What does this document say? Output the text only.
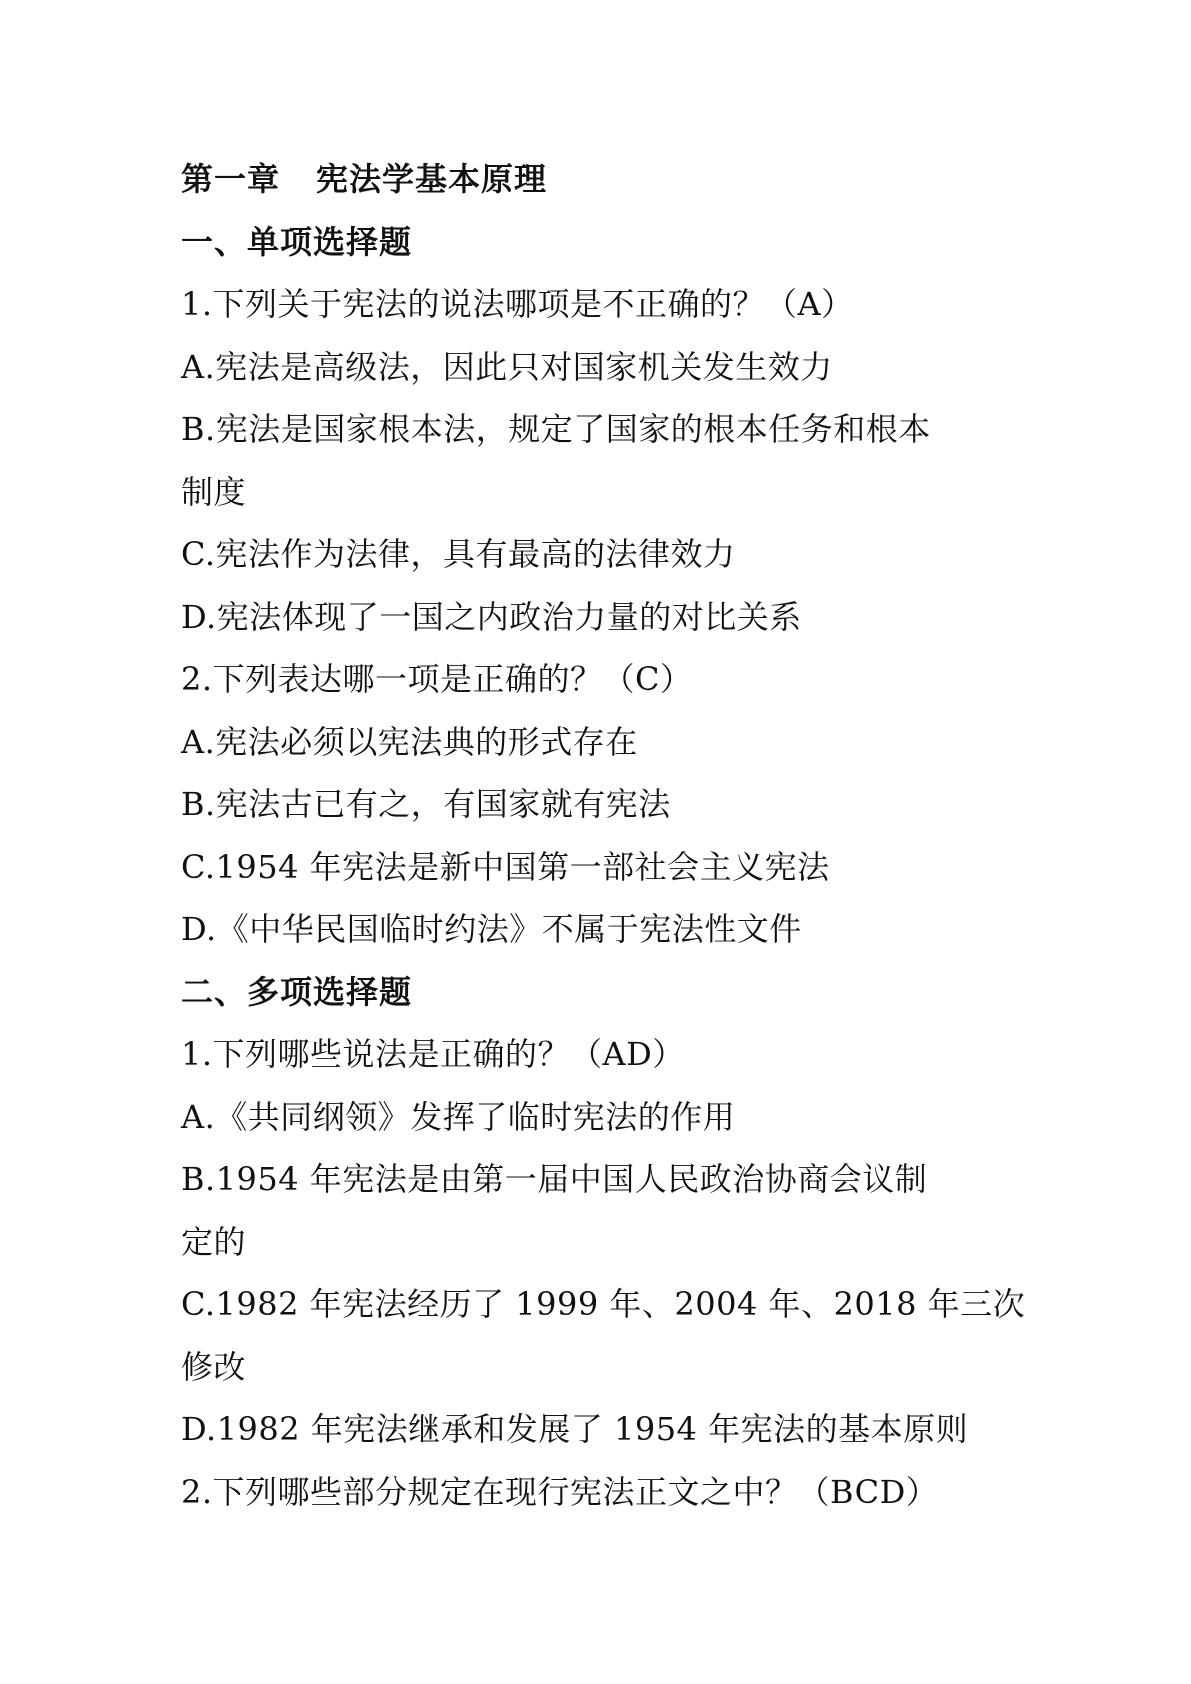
第一章 宪法学基本原理
一、单项选择题
1.下列关于宪法的说法哪项是不正确的？（A）
A.宪法是高级法，因此只对国家机关发生效力
B.宪法是国家根本法，规定了国家的根本任务和根本
制度
C.宪法作为法律，具有最高的法律效力
D.宪法体现了一国之内政治力量的对比关系
2.下列表达哪一项是正确的？（C）
A.宪法必须以宪法典的形式存在
B.宪法古已有之，有国家就有宪法
C.1954 年宪法是新中国第一部社会主义宪法
D.《中华民国临时约法》不属于宪法性文件
二、多项选择题
1.下列哪些说法是正确的？（AD）
A.《共同纲领》发挥了临时宪法的作用
B.1954 年宪法是由第一届中国人民政治协商会议制
定的
C.1982 年宪法经历了 1999 年、2004 年、2018 年三次
修改
D.1982 年宪法继承和发展了 1954 年宪法的基本原则
2.下列哪些部分规定在现行宪法正文之中？（BCD）
